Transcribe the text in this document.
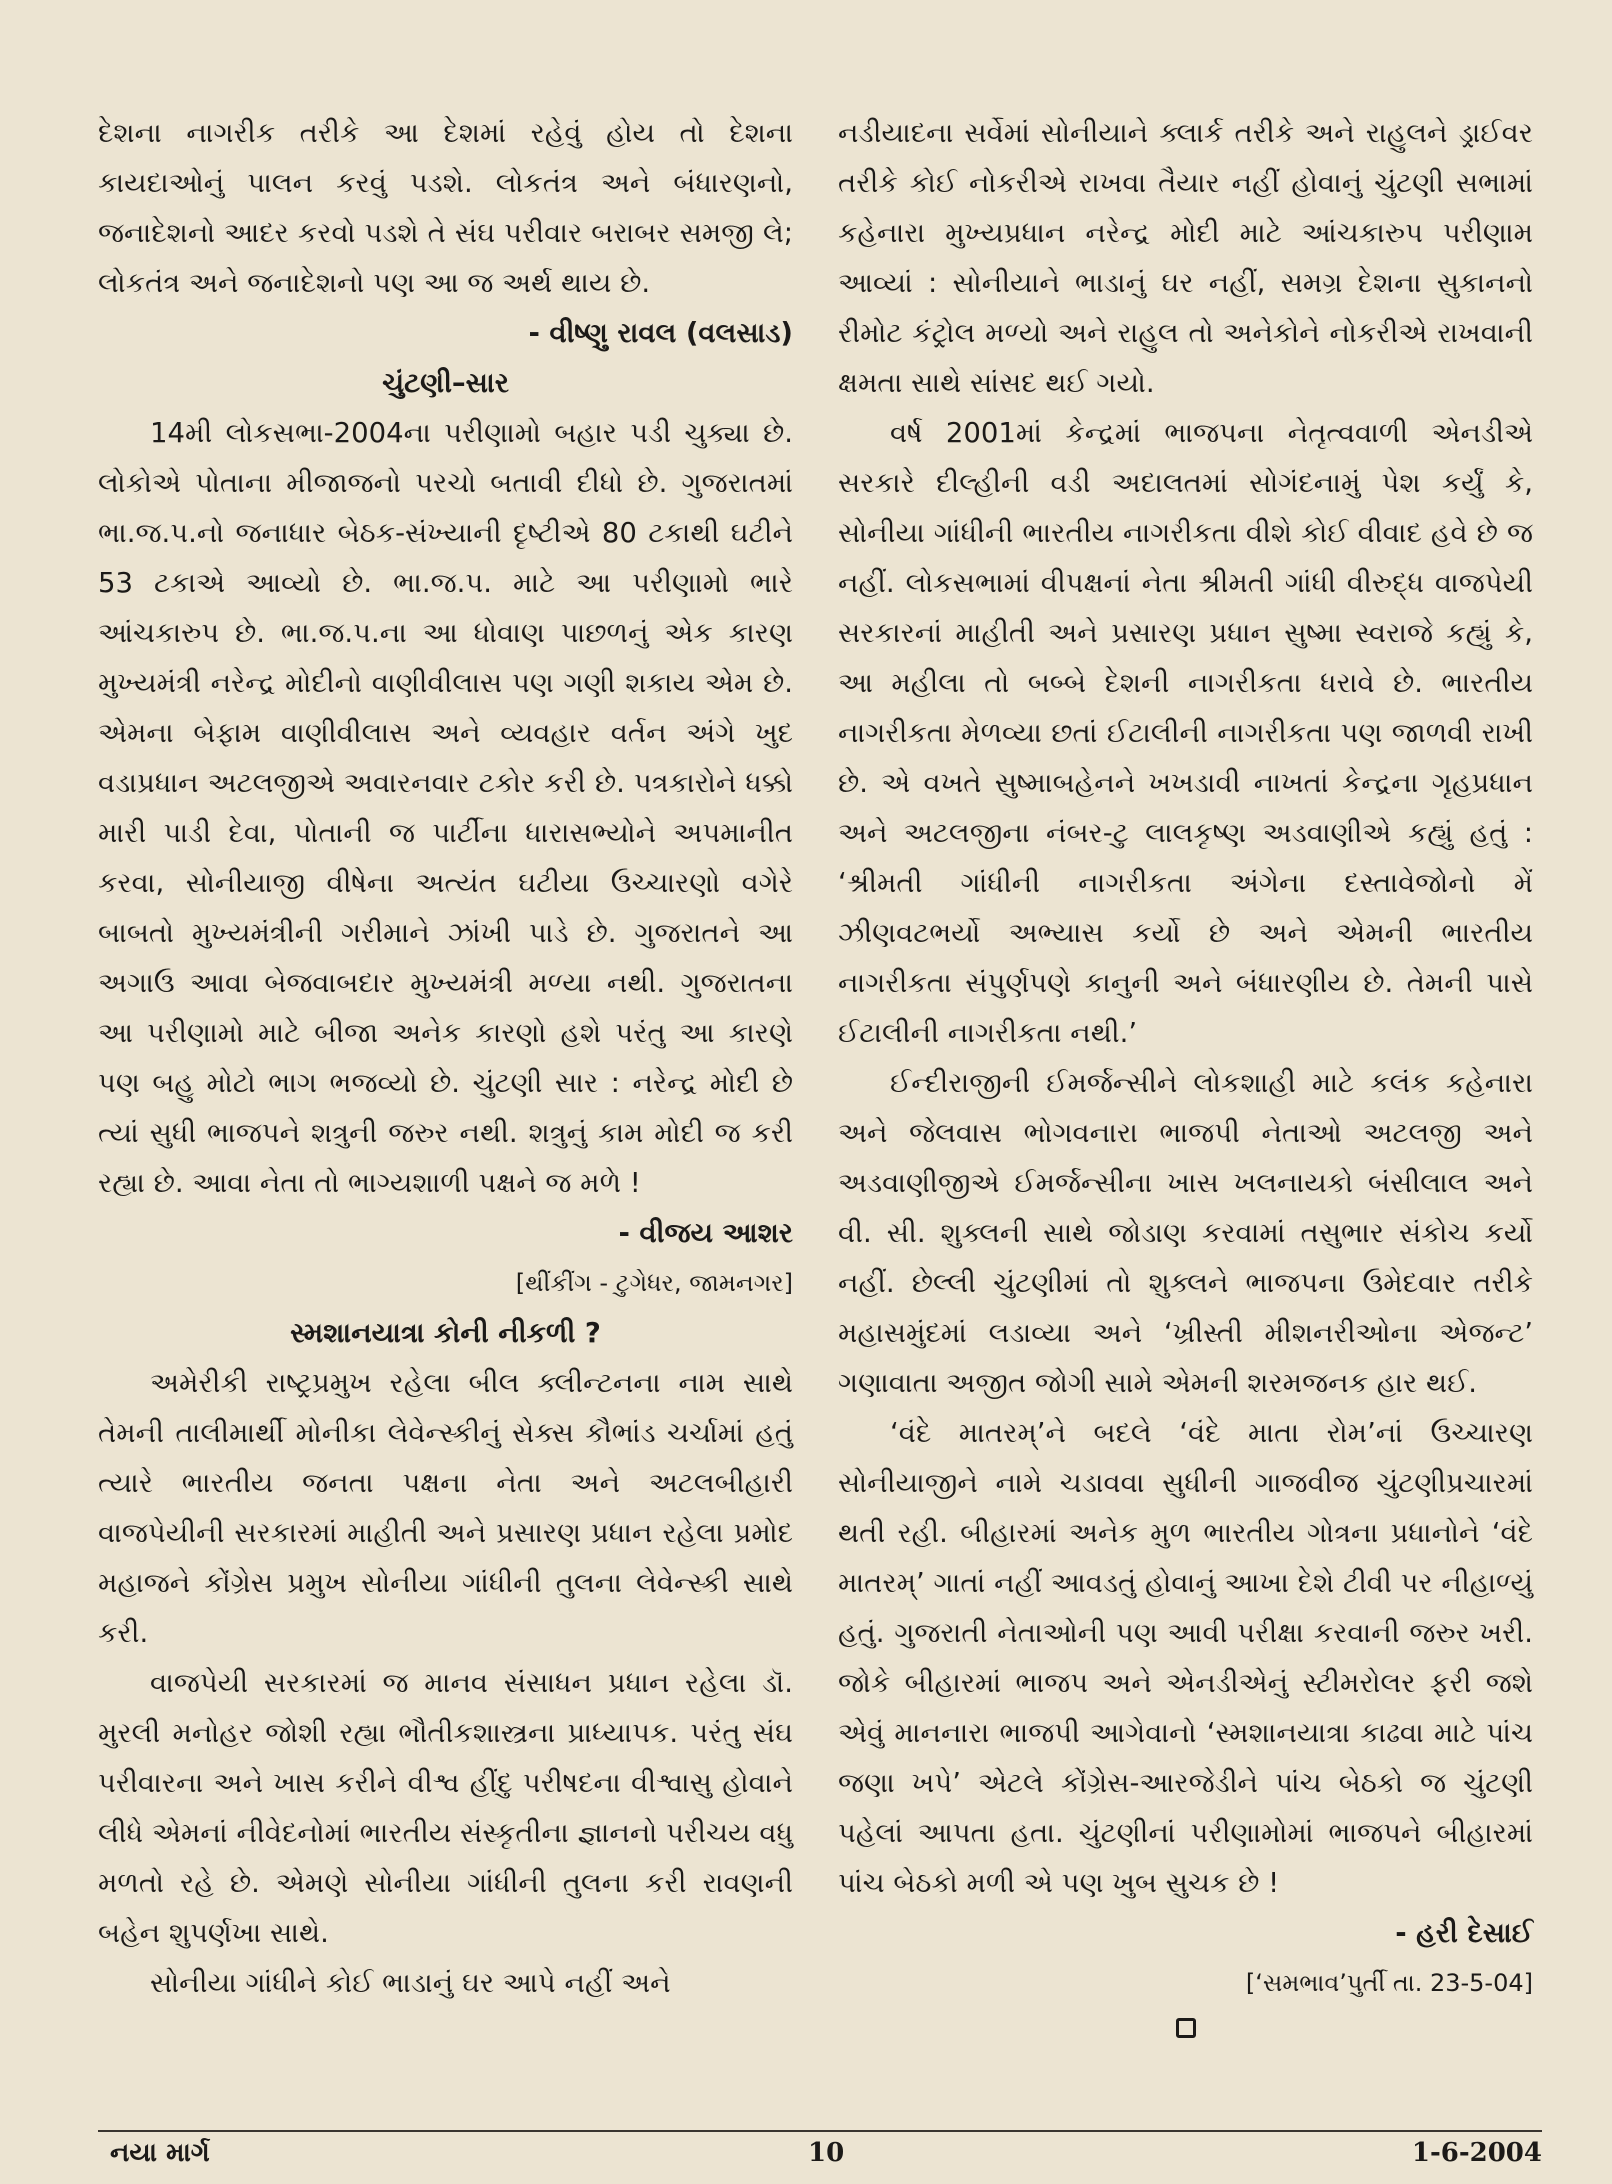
દેશના નાગરીક તરીકે આ દેશમાં રહેવું હોય તો દેશના કાયદાઓનું પાલન કરવું પડશે. લોકતંત્ર અને બંધારણનો, જનાદેશનો આદર કરવો પડશે તે સંઘ પરીવાર બરાબર સમજી લે; લોકતંત્ર અને જનાદેશનો પણ આ જ અર્થ થાય છે.

- વીષ્ણુ રાવલ (વલસાડ)

ચુંટણી–સાર

14મી લોકસભા-2004ના પરીણામો બહાર પડી ચુક્યા છે. લોકોએ પોતાના મીજાજનો પરચો બતાવી દીધો છે. ગુજરાતમાં ભા.જ.પ.નો જનાધાર બેઠક-સંખ્યાની દૃષ્ટીએ 80 ટકાથી ઘટીને 53 ટકાએ આવ્યો છે. ભા.જ.પ. માટે આ પરીણામો ભારે આંચકારુપ છે. ભા.જ.પ.ના આ ધોવાણ પાછળનું એક કારણ મુખ્યમંત્રી નરેન્દ્ર મોદીનો વાણીવીલાસ પણ ગણી શકાય એમ છે. એમના બેફામ વાણીવીલાસ અને વ્યવહાર વર્તન અંગે ખુદ વડાપ્રધાન અટલજીએ અવારનવાર ટકોર કરી છે. પત્રકારોને ધક્કો મારી પાડી દેવા, પોતાની જ પાર્ટીના ધારાસભ્યોને અપમાનીત કરવા, સોનીયાજી વીષેના અત્યંત ઘટીયા ઉચ્ચારણો વગેરે બાબતો મુખ્યમંત્રીની ગરીમાને ઝાંખી પાડે છે. ગુજરાતને આ અગાઉ આવા બેજવાબદાર મુખ્યમંત્રી મળ્યા નથી. ગુજરાતના આ પરીણામો માટે બીજા અનેક કારણો હશે પરંતુ આ કારણે પણ બહુ મોટો ભાગ ભજવ્યો છે. ચુંટણી સાર : નરેન્દ્ર મોદી છે ત્યાં સુધી ભાજપને શત્રુની જરુર નથી. શત્રુનું કામ મોદી જ કરી રહ્યા છે. આવા નેતા તો ભાગ્યશાળી પક્ષને જ મળે !

- વીજય આશર

[થીંકીંગ - ટુગેધર, જામનગર]

સ્મશાનયાત્રા કોની નીકળી ?

અમેરીકી રાષ્ટ્રપ્રમુખ રહેલા બીલ ક્લીન્ટનના નામ સાથે તેમની તાલીમાર્થી મોનીકા લેવેન્સ્કીનું સેક્સ કૌભાંડ ચર્ચામાં હતું ત્યારે ભારતીય જનતા પક્ષના નેતા અને અટલબીહારી વાજપેયીની સરકારમાં માહીતી અને પ્રસારણ પ્રધાન રહેલા પ્રમોદ મહાજને કોંગ્રેસ પ્રમુખ સોનીયા ગાંધીની તુલના લેવેન્સ્કી સાથે કરી.

વાજપેયી સરકારમાં જ માનવ સંસાધન પ્રધાન રહેલા ડૉ. મુરલી મનોહર જોશી રહ્યા ભૌતીકશાસ્ત્રના પ્રાધ્યાપક. પરંતુ સંઘ પરીવારના અને ખાસ કરીને વીશ્વ હીંદુ પરીષદના વીશ્વાસુ હોવાને લીધે એમનાં નીવેદનોમાં ભારતીય સંસ્કૃતીના જ્ઞાનનો પરીચય વધુ મળતો રહે છે. એમણે સોનીયા ગાંધીની તુલના કરી રાવણની બહેન શુપર્ણખા સાથે.

સોનીયા ગાંધીને કોઈ ભાડાનું ઘર આપે નહીં અને

નડીયાદના સર્વેમાં સોનીયાને ક્લાર્ક તરીકે અને રાહુલને ડ્રાઈવર તરીકે કોઈ નોકરીએ રાખવા તૈયાર નહીં હોવાનું ચુંટણી સભામાં કહેનારા મુખ્યપ્રધાન નરેન્દ્ર મોદી માટે આંચકારુપ પરીણામ આવ્યાં : સોનીયાને ભાડાનું ઘર નહીં, સમગ્ર દેશના સુકાનનો રીમોટ કંટ્રોલ મળ્યો અને રાહુલ તો અનેકોને નોકરીએ રાખવાની ક્ષમતા સાથે સાંસદ થઈ ગયો.

વર્ષ 2001માં કેન્દ્રમાં ભાજપના નેતૃત્વવાળી એનડીએ સરકારે દીલ્હીની વડી અદાલતમાં સોગંદનામું પેશ કર્યું કે, સોનીયા ગાંધીની ભારતીય નાગરીકતા વીશે કોઈ વીવાદ હવે છે જ નહીં. લોકસભામાં વીપક્ષનાં નેતા શ્રીમતી ગાંધી વીરુદ્ધ વાજપેયી સરકારનાં માહીતી અને પ્રસારણ પ્રધાન સુષ્મા સ્વરાજે કહ્યું કે, આ મહીલા તો બબ્બે દેશની નાગરીકતા ધરાવે છે. ભારતીય નાગરીકતા મેળવ્યા છતાં ઈટાલીની નાગરીકતા પણ જાળવી રાખી છે. એ વખતે સુષ્માબહેનને ખખડાવી નાખતાં કેન્દ્રના ગૃહપ્રધાન અને અટલજીના નંબર-ટુ લાલકૃષ્ણ અડવાણીએ કહ્યું હતું : ‘શ્રીમતી ગાંધીની નાગરીકતા અંગેના દસ્તાવેજોનો મેં ઝીણવટભર્યો અભ્યાસ કર્યો છે અને એમની ભારતીય નાગરીકતા સંપુર્ણપણે કાનુની અને બંધારણીય છે. તેમની પાસે ઈટાલીની નાગરીકતા નથી.’

ઈન્દીરાજીની ઈમર્જન્સીને લોકશાહી માટે કલંક કહેનારા અને જેલવાસ ભોગવનારા ભાજપી નેતાઓ અટલજી અને અડવાણીજીએ ઈમર્જન્સીના ખાસ ખલનાયકો બંસીલાલ અને વી. સી. શુક્લની સાથે જોડાણ કરવામાં તસુભાર સંકોચ કર્યો નહીં. છેલ્લી ચુંટણીમાં તો શુક્લને ભાજપના ઉમેદવાર તરીકે મહાસમુંદમાં લડાવ્યા અને ‘ખ્રીસ્તી મીશનરીઓના એજન્ટ’ ગણાવાતા અજીત જોગી સામે એમની શરમજનક હાર થઈ.

‘વંદે માતરમ્’ને બદલે ‘વંદે માતા રોમ’નાં ઉચ્ચારણ સોનીયાજીને નામે ચડાવવા સુધીની ગાજવીજ ચુંટણીપ્રચારમાં થતી રહી. બીહારમાં અનેક મુળ ભારતીય ગોત્રના પ્રધાનોને ‘વંદે માતરમ્’ ગાતાં નહીં આવડતું હોવાનું આખા દેશે ટીવી પર નીહાળ્યું હતું. ગુજરાતી નેતાઓની પણ આવી પરીક્ષા કરવાની જરુર ખરી. જોકે બીહારમાં ભાજપ અને એનડીએનું સ્ટીમરોલર ફરી જશે એવું માનનારા ભાજપી આગેવાનો ‘સ્મશાનયાત્રા કાઢવા માટે પાંચ જણા ખપે’ એટલે કોંગ્રેસ-આરજેડીને પાંચ બેઠકો જ ચુંટણી પહેલાં આપતા હતા. ચુંટણીનાં પરીણામોમાં ભાજપને બીહારમાં પાંચ બેઠકો મળી એ પણ ખુબ સુચક છે !

- હરી દેસાઈ

[‘સમભાવ’પુર્તી તા. 23-5-04]

નયા માર્ગ	10	1-6-2004
